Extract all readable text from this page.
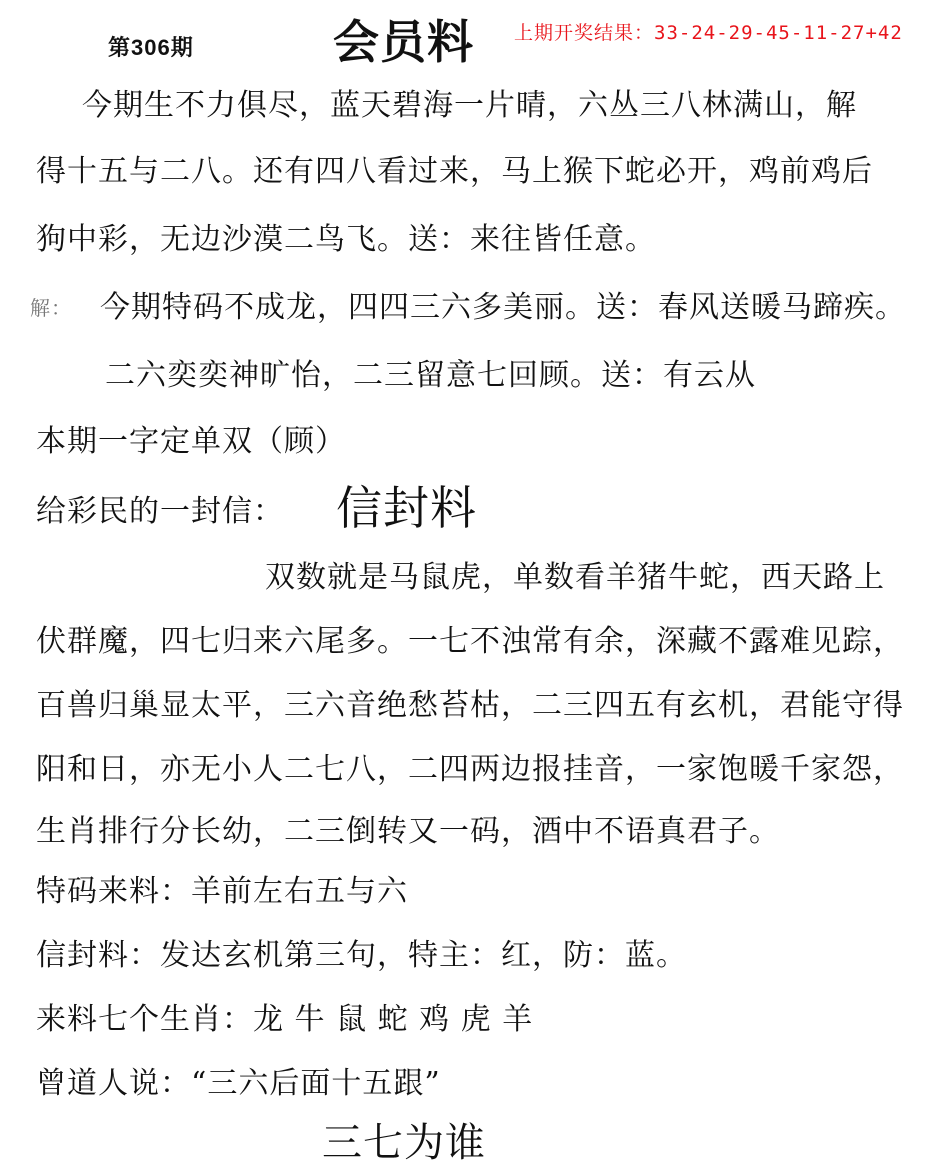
第306期	会员料 上期开奖结果：33-24-29-45-11-27+42
今期生不力俱尽，蓝天碧海一片晴，六丛三八林满山，解
得十五与二八。还有四八看过来，马上猴下蛇必开，鸡前鸡后
狗中彩，无边沙漠二鸟飞。送：来往皆任意。
解： 今期特码不成龙，四四三六多美丽。送：春风送暖马蹄疾。
二六奕奕神旷怡，二三留意七回顾。送：有云从
本期一字定单双（顾）
给彩民的一封信： 信封料
双数就是马鼠虎，单数看羊猪牛蛇，西天路上
伏群魔，四七归来六尾多。一七不浊常有余，深藏不露难见踪，
百兽归巢显太平，三六音绝愁苔枯，二三四五有玄机，君能守得
阳和日，亦无小人二七八，二四两边报挂音，一家饱暖千家怨，
生肖排行分长幼，二三倒转又一码，酒中不语真君子。
特码来料：羊前左右五与六
信封料：发达玄机第三句，特主：红，防：蓝。
来料七个生肖：龙 牛 鼠 蛇 鸡 虎 羊
曾道人说：“三六后面十五跟”
三七为谁
